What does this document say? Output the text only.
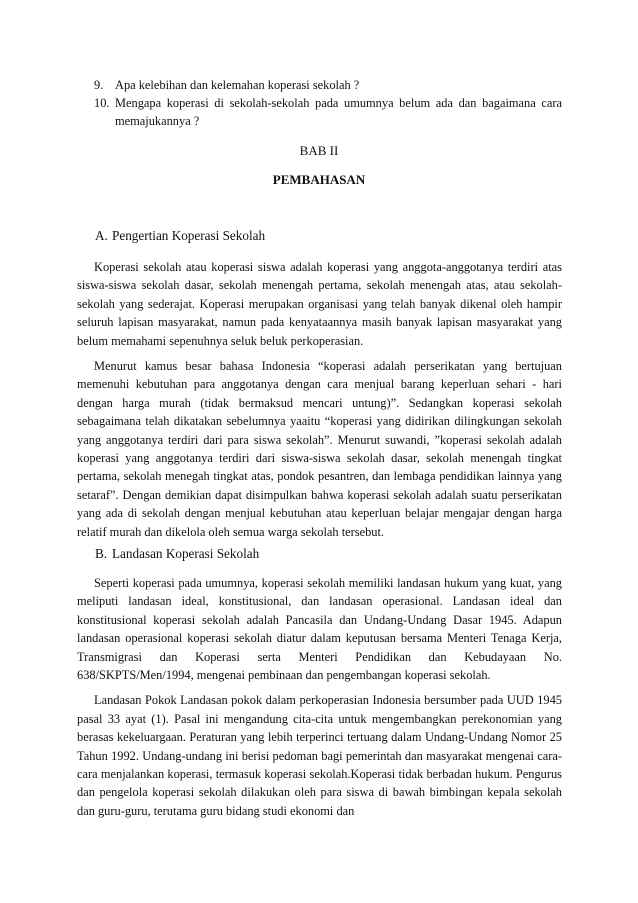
9. Apa kelebihan dan kelemahan koperasi sekolah ?
10. Mengapa koperasi di sekolah-sekolah pada umumnya belum ada dan bagaimana cara memajukannya ?
BAB II
PEMBAHASAN
A. Pengertian Koperasi Sekolah

Koperasi sekolah atau koperasi siswa adalah koperasi yang anggota-anggotanya terdiri atas siswa-siswa sekolah dasar, sekolah menengah pertama, sekolah menengah atas, atau sekolah-sekolah yang sederajat. Koperasi merupakan organisasi yang telah banyak dikenal oleh hampir seluruh lapisan masyarakat, namun pada kenyataannya masih banyak lapisan masyarakat yang belum memahami sepenuhnya seluk beluk perkoperasian.

Menurut kamus besar bahasa Indonesia “koperasi adalah perserikatan yang bertujuan memenuhi kebutuhan para anggotanya dengan cara menjual barang keperluan sehari - hari dengan harga murah (tidak bermaksud mencari untung)”. Sedangkan koperasi sekolah sebagaimana telah dikatakan sebelumnya yaaitu “koperasi yang didirikan dilingkungan sekolah yang anggotanya terdiri dari para siswa sekolah”. Menurut suwandi, ”koperasi sekolah adalah koperasi yang anggotanya terdiri dari siswa-siswa sekolah dasar, sekolah menengah tingkat pertama, sekolah menegah tingkat atas, pondok pesantren, dan lembaga pendidikan lainnya yang setaraf”. Dengan demikian dapat disimpulkan bahwa koperasi sekolah adalah suatu perserikatan yang ada di sekolah dengan menjual kebutuhan atau keperluan belajar mengajar dengan harga relatif murah dan dikelola oleh semua warga sekolah tersebut.

B. Landasan Koperasi Sekolah

Seperti koperasi pada umumnya, koperasi sekolah memiliki landasan hukum yang kuat, yang meliputi landasan ideal, konstitusional, dan landasan operasional. Landasan ideal dan konstitusional koperasi sekolah adalah Pancasila dan Undang-Undang Dasar 1945. Adapun landasan operasional koperasi sekolah diatur dalam keputusan bersama Menteri Tenaga Kerja, Transmigrasi dan Koperasi serta Menteri Pendidikan dan Kebudayaan No. 638/SKPTS/Men/1994, mengenai pembinaan dan pengembangan koperasi sekolah.

Landasan Pokok Landasan pokok dalam perkoperasian Indonesia bersumber pada UUD 1945 pasal 33 ayat (1). Pasal ini mengandung cita-cita untuk mengembangkan perekonomian yang berasas kekeluargaan. Peraturan yang lebih terperinci tertuang dalam Undang-Undang Nomor 25 Tahun 1992. Undang-undang ini berisi pedoman bagi pemerintah dan masyarakat mengenai cara-cara menjalankan koperasi, termasuk koperasi sekolah.Koperasi tidak berbadan hukum. Pengurus dan pengelola koperasi sekolah dilakukan oleh para siswa di bawah bimbingan kepala sekolah dan guru-guru, terutama guru bidang studi ekonomi dan
